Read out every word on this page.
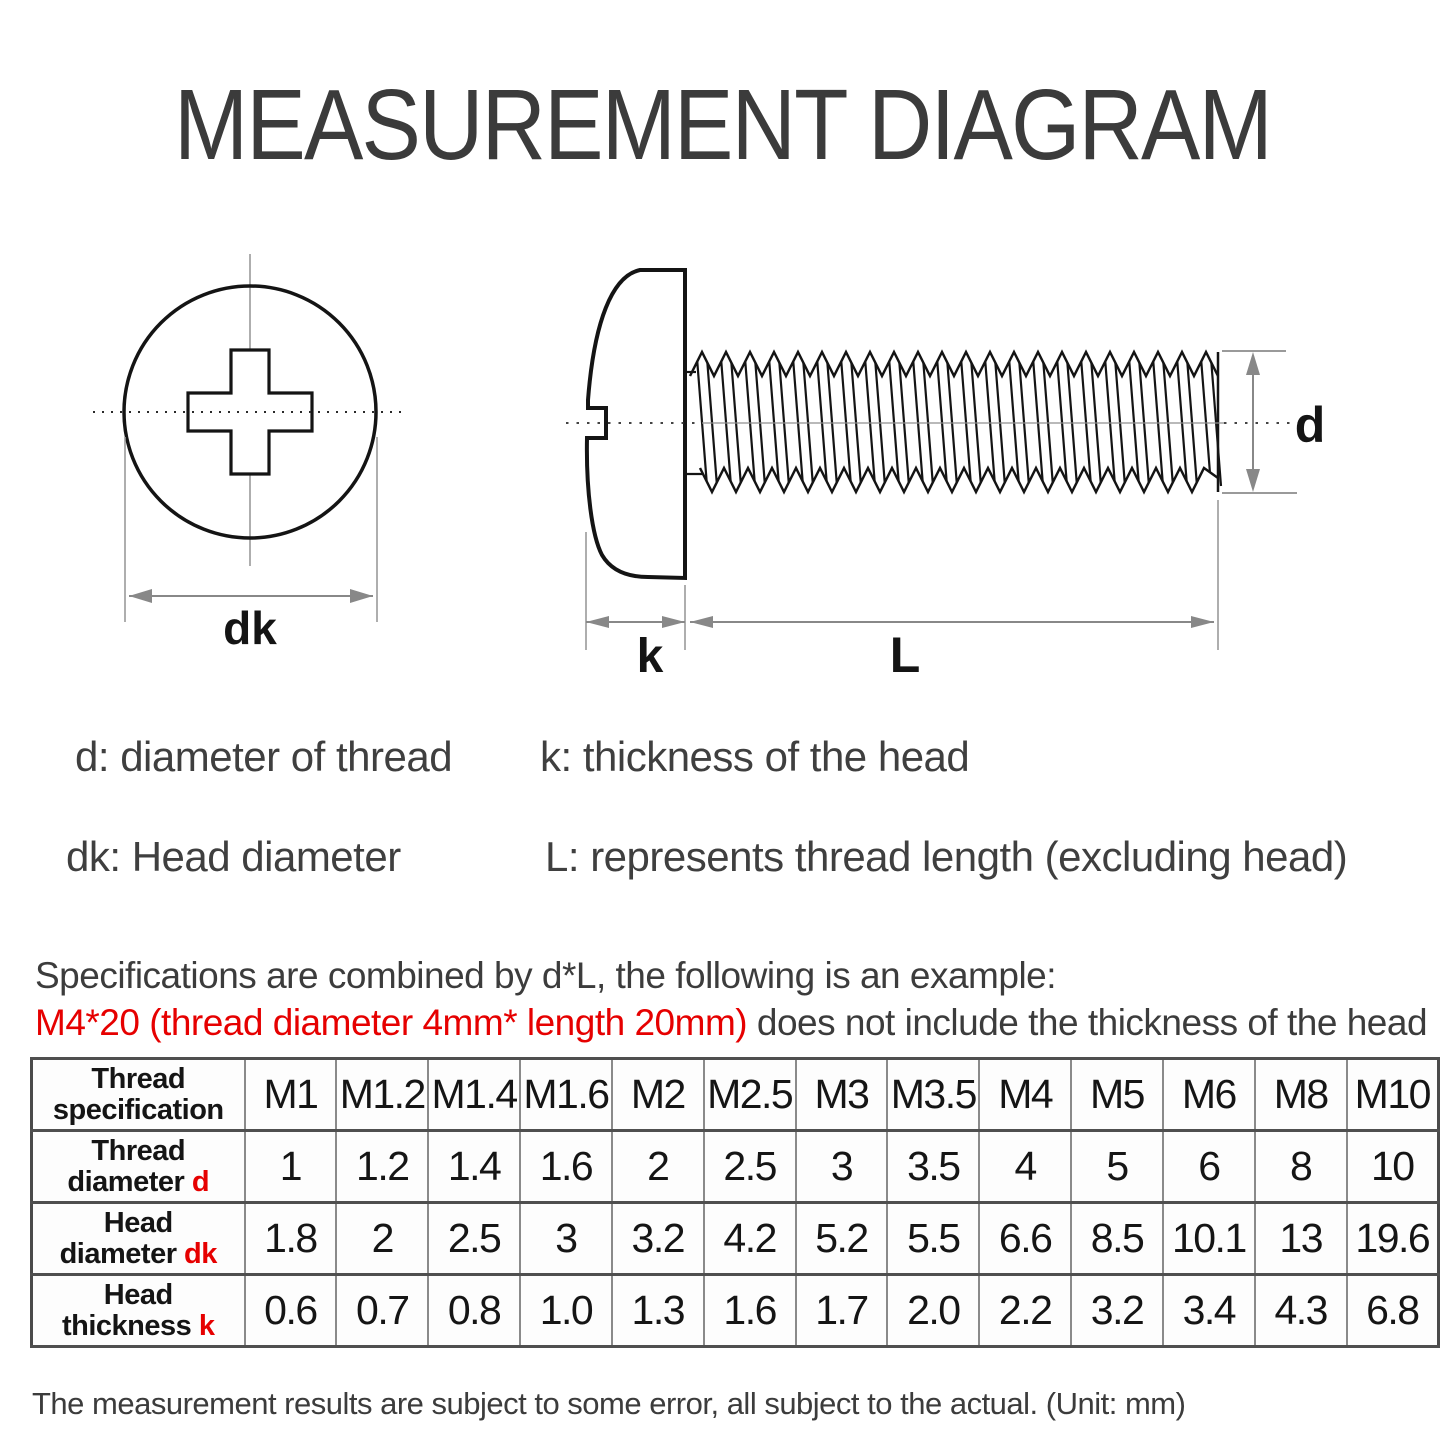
MEASUREMENT DIAGRAM
dk
k	L
d
d: diameter of thread k: thickness of the head
dk: Head diameter	L: represents thread length (excluding head)
Specifications are combined by d*L, the following is an example:
M4*20 (thread diameter 4mm* length 20mm) does not include the thickness of the head
Thread
specification	M1	M1.2	M1.4	M1.6	M2	M2.5	M3	M3.5	M4	M5	M6	M8	M10
Thread
diameter d	1	1.2	1.4	1.6	2	2.5	3	3.5	4	5	6	8	10
Head
diameter dk	1.8	2	2.5	3	3.2	4.2	5.2	5.5	6.6	8.5	10.1	13	19.6
Head
thickness k	0.6	0.7	0.8	1.0	1.3	1.6	1.7	2.0	2.2	3.2	3.4	4.3	6.8
The measurement results are subject to some error, all subject to the actual. (Unit: mm)
